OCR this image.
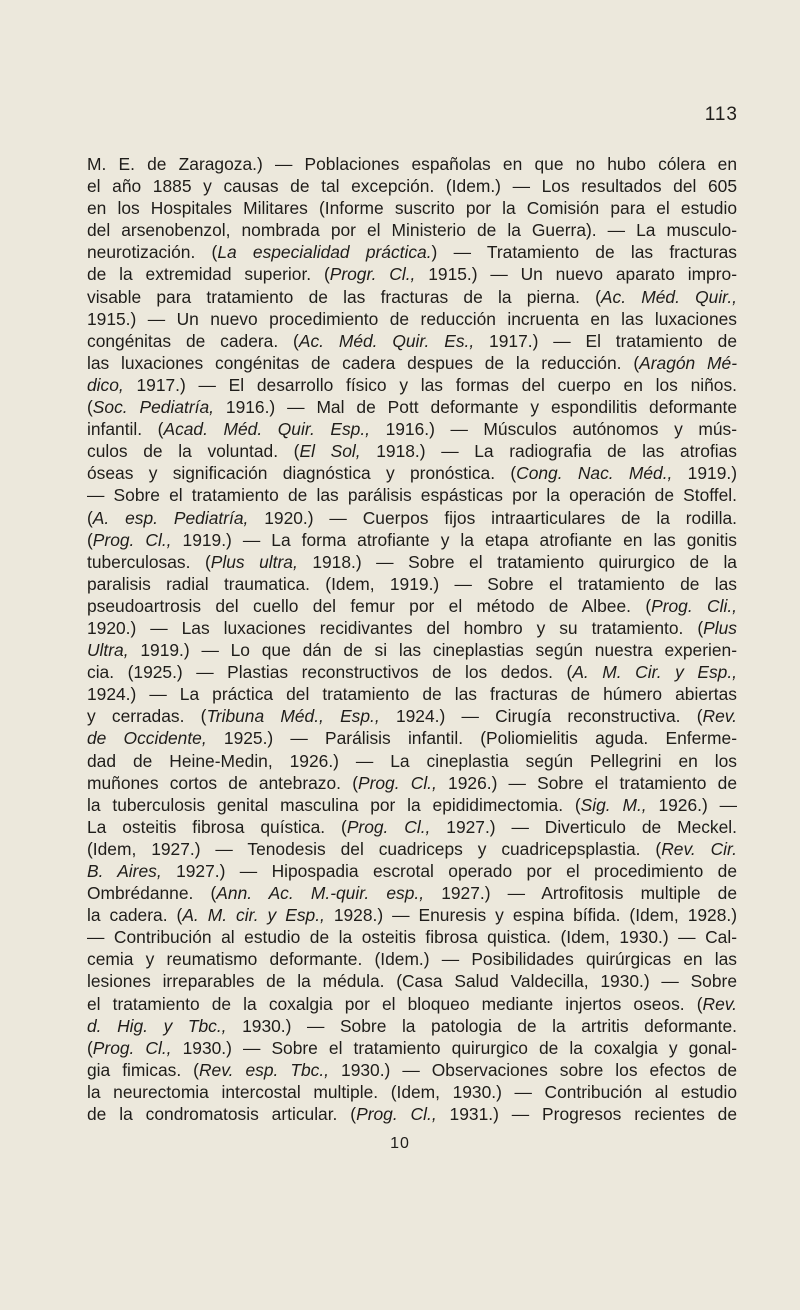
113
M. E. de Zaragoza.) — Poblaciones españolas en que no hubo cólera en
el año 1885 y causas de tal excepción. (Idem.) — Los resultados del 605
en los Hospitales Militares (Informe suscrito por la Comisión para el estudio
del arsenobenzol, nombrada por el Ministerio de la Guerra). — La musculo-
neurotización. (La especialidad práctica.) — Tratamiento de las fracturas
de la extremidad superior. (Progr. Cl., 1915.) — Un nuevo aparato impro-
visable para tratamiento de las fracturas de la pierna. (Ac. Méd. Quir.,
1915.) — Un nuevo procedimiento de reducción incruenta en las luxaciones
congénitas de cadera. (Ac. Méd. Quir. Es., 1917.) — El tratamiento de
las luxaciones congénitas de cadera despues de la reducción. (Aragón Mé-
dico, 1917.) — El desarrollo físico y las formas del cuerpo en los niños.
(Soc. Pediatría, 1916.) — Mal de Pott deformante y espondilitis deformante
infantil. (Acad. Méd. Quir. Esp., 1916.) — Músculos autónomos y mús-
culos de la voluntad. (El Sol, 1918.) — La radiografia de las atrofias
óseas y significación diagnóstica y pronóstica. (Cong. Nac. Méd., 1919.)
— Sobre el tratamiento de las parálisis espásticas por la operación de Stoffel.
(A. esp. Pediatría, 1920.) — Cuerpos fijos intraarticulares de la rodilla.
(Prog. Cl., 1919.) — La forma atrofiante y la etapa atrofiante en las gonitis
tuberculosas. (Plus ultra, 1918.) — Sobre el tratamiento quirurgico de la
paralisis radial traumatica. (Idem, 1919.) — Sobre el tratamiento de las
pseudoartrosis del cuello del femur por el método de Albee. (Prog. Cli.,
1920.) — Las luxaciones recidivantes del hombro y su tratamiento. (Plus
Ultra, 1919.) — Lo que dán de si las cineplastias según nuestra experien-
cia. (1925.) — Plastias reconstructivos de los dedos. (A. M. Cir. y Esp.,
1924.) — La práctica del tratamiento de las fracturas de húmero abiertas
y cerradas. (Tribuna Méd., Esp., 1924.) — Cirugía reconstructiva. (Rev.
de Occidente, 1925.) — Parálisis infantil. (Poliomielitis aguda. Enferme-
dad de Heine-Medin, 1926.) — La cineplastia según Pellegrini en los
muñones cortos de antebrazo. (Prog. Cl., 1926.) — Sobre el tratamiento de
la tuberculosis genital masculina por la epididimectomia. (Sig. M., 1926.) —
La osteitis fibrosa quística. (Prog. Cl., 1927.) — Diverticulo de Meckel.
(Idem, 1927.) — Tenodesis del cuadriceps y cuadricepsplastia. (Rev. Cir.
B. Aires, 1927.) — Hipospadia escrotal operado por el procedimiento de
Ombrédanne. (Ann. Ac. M.-quir. esp., 1927.) — Artrofitosis multiple de
la cadera. (A. M. cir. y Esp., 1928.) — Enuresis y espina bífida. (Idem, 1928.)
— Contribución al estudio de la osteitis fibrosa quistica. (Idem, 1930.) — Cal-
cemia y reumatismo deformante. (Idem.) — Posibilidades quirúrgicas en las
lesiones irreparables de la médula. (Casa Salud Valdecilla, 1930.) — Sobre
el tratamiento de la coxalgia por el bloqueo mediante injertos oseos. (Rev.
d. Hig. y Tbc., 1930.) — Sobre la patologia de la artritis deformante.
(Prog. Cl., 1930.) — Sobre el tratamiento quirurgico de la coxalgia y gonal-
gia fimicas. (Rev. esp. Tbc., 1930.) — Observaciones sobre los efectos de
la neurectomia intercostal multiple. (Idem, 1930.) — Contribución al estudio
de la condromatosis articular. (Prog. Cl., 1931.) — Progresos recientes de
10
